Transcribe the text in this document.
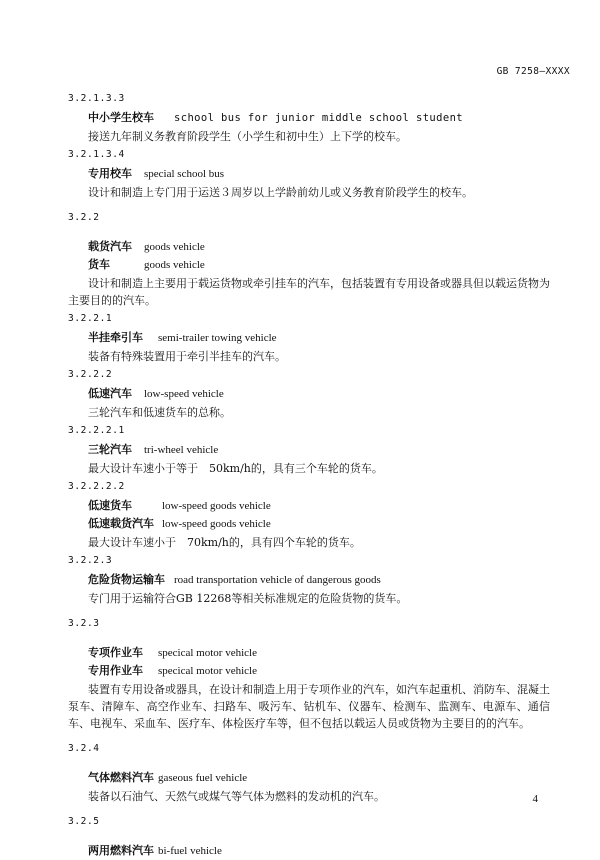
GB 7258—XXXX

3.2.1.3.3

中小学生校车 school bus for junior middle school student

接送九年制义务教育阶段学生（小学生和初中生）上下学的校车。

3.2.1.3.4

专用校车 special school bus

设计和制造上专门用于运送３周岁以上学龄前幼儿或义务教育阶段学生的校车。

3.2.2

载货汽车 goods vehicle

货车	goods vehicle

设计和制造上主要用于载运货物或牵引挂车的汽车，包括装置有专用设备或器具但以载运货物为主要目的的汽车。

3.2.2.1

半挂牵引车 semi-trailer towing vehicle

装备有特殊装置用于牵引半挂车的汽车。

3.2.2.2

低速汽车 low-speed vehicle

三轮汽车和低速货车的总称。

3.2.2.2.1

三轮汽车 tri-wheel vehicle

最大设计车速小于等于　50km/h的，具有三个车轮的货车。

3.2.2.2.2

低速货车	low-speed goods vehicle

低速载货汽车 low-speed goods vehicle

最大设计车速小于　70km/h的，具有四个车轮的货车。

3.2.2.3

危险货物运输车 road transportation vehicle of dangerous goods

专门用于运输符合GB 12268等相关标准规定的危险货物的货车。

3.2.3

专项作业车 specical motor vehicle

专用作业车 specical motor vehicle

装置有专用设备或器具，在设计和制造上用于专项作业的汽车，如汽车起重机、消防车、混凝土泵车、清障车、高空作业车、扫路车、吸污车、钻机车、仪器车、检测车、监测车、电源车、通信车、电视车、采血车、医疗车、体检医疗车等，但不包括以载运人员或货物为主要目的的汽车。

3.2.4

气体燃料汽车 gaseous fuel vehicle

装备以石油气、天然气或煤气等气体为燃料的发动机的汽车。

3.2.5

两用燃料汽车 bi-fuel vehicle

4
